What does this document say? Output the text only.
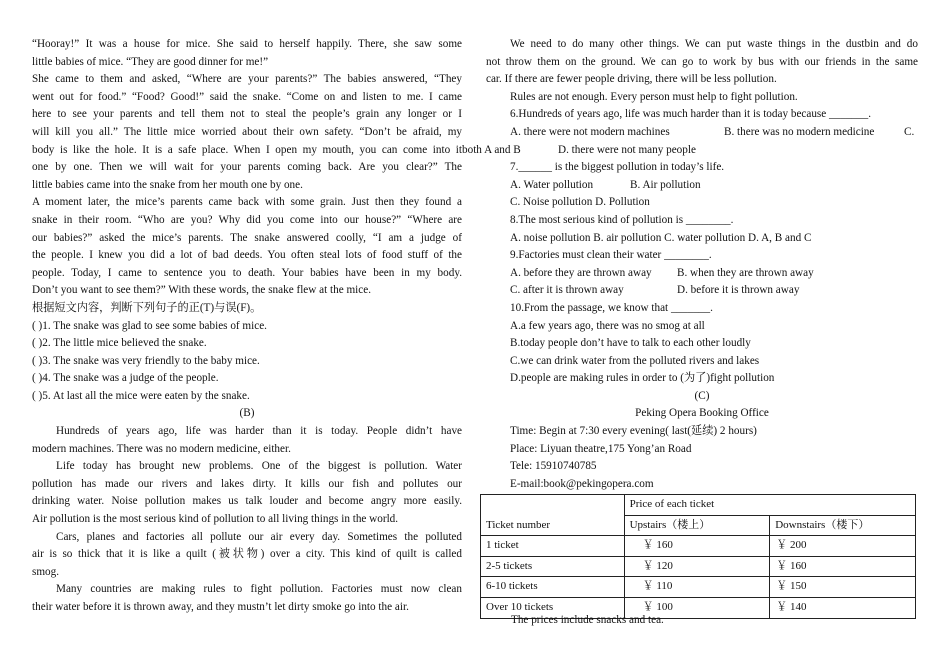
“Hooray!” It was a house for mice. She said to herself happily. There, she saw some
little babies of mice. “They are good dinner for me!”
She came to them and asked, “Where are your parents?” The babies answered, “They
went out for food.” “Food? Good!” said the snake. “Come on and listen to me. I came
here to see your parents and tell them not to steal the people’s grain any longer or I
will kill you all.” The little mice worried about their own safety. “Don’t be afraid, my
body is like the hole. It is a safe place. When I open my mouth, you can come into it
one by one. Then we will wait for your parents coming back. Are you clear?” The
little babies came into the snake from her mouth one by one.
A moment later, the mice’s parents came back with some grain. Just then they found a
snake in their room. “Who are you? Why did you come into our house?” “Where are
our babies?” asked the mice’s parents. The snake answered coolly, “I am a judge of
the people. I knew you did a lot of bad deeds. You often steal lots of food stuff of the
people. Today, I came to sentence you to death. Your babies have been in my body.
Don’t you want to see them?” With these words, the snake flew at the mice.
根据短文内容，判断下列句子的正(T)与误(F)。
( )1. The snake was glad to see some babies of mice.
( )2. The little mice believed the snake.
( )3. The snake was very friendly to the baby mice.
( )4. The snake was a judge of the people.
( )5. At last all the mice were eaten by the snake.
(B)
Hundreds of years ago, life was harder than it is today. People didn’t have
modern machines. There was no modern medicine, either.
Life today has brought new problems. One of the biggest is pollution. Water
pollution has made our rivers and lakes dirty. It kills our fish and pollutes our
drinking water. Noise pollution makes us talk louder and become angry more easily.
Air pollution is the most serious kind of pollution to all living things in the world.
Cars, planes and factories all pollute our air every day. Sometimes the polluted
air is so thick that it is like a quilt (被状物) over a city. This kind of quilt is called
smog.
Many countries are making rules to fight pollution. Factories must now clean
their water before it is thrown away, and they mustn’t let dirty smoke go into the air.
We need to do many other things. We can put waste things in the dustbin and do
not throw them on the ground. We can go to work by bus with our friends in the same
car. If there are fewer people driving, there will be less pollution.
Rules are not enough. Every person must help to fight pollution.
6.Hundreds of years ago, life was much harder than it is today because _______.
A. there were not modern machines	B. there was no modern medicine	C.
both A and B	D. there were not many people
7.______ is the biggest pollution in today’s life.
A. Water pollution	B. Air pollution
C. Noise pollution D. Pollution
8.The most serious kind of pollution is ________.
A. noise pollution B. air pollution C. water pollution D. A, B and C
9.Factories must clean their water ________.
A. before they are thrown away B. when they are thrown away
C. after it is thrown away	D. before it is thrown away
10.From the passage, we know that _______.
A.a few years ago, there was no smog at all
B.today people don’t have to talk to each other loudly
C.we can drink water from the polluted rivers and lakes
D.people are making rules in order to (为了)fight pollution
(C)
Peking Opera Booking Office
Time: Begin at 7:30 every evening( last(延续) 2 hours)
Place: Liyuan theatre,175 Yong’an Road
Tele: 15910740785
E-mail:book@pekingopera.com
Ticket number	Price of each ticket	
	Upstairs（楼上）	Downstairs（楼下）
1 ticket	￥ 160	￥ 200
2-5 tickets	￥ 120	￥ 160
6-10 tickets	￥ 110	￥ 150
Over 10 tickets	￥ 100	￥ 140
The prices include snacks and tea.
